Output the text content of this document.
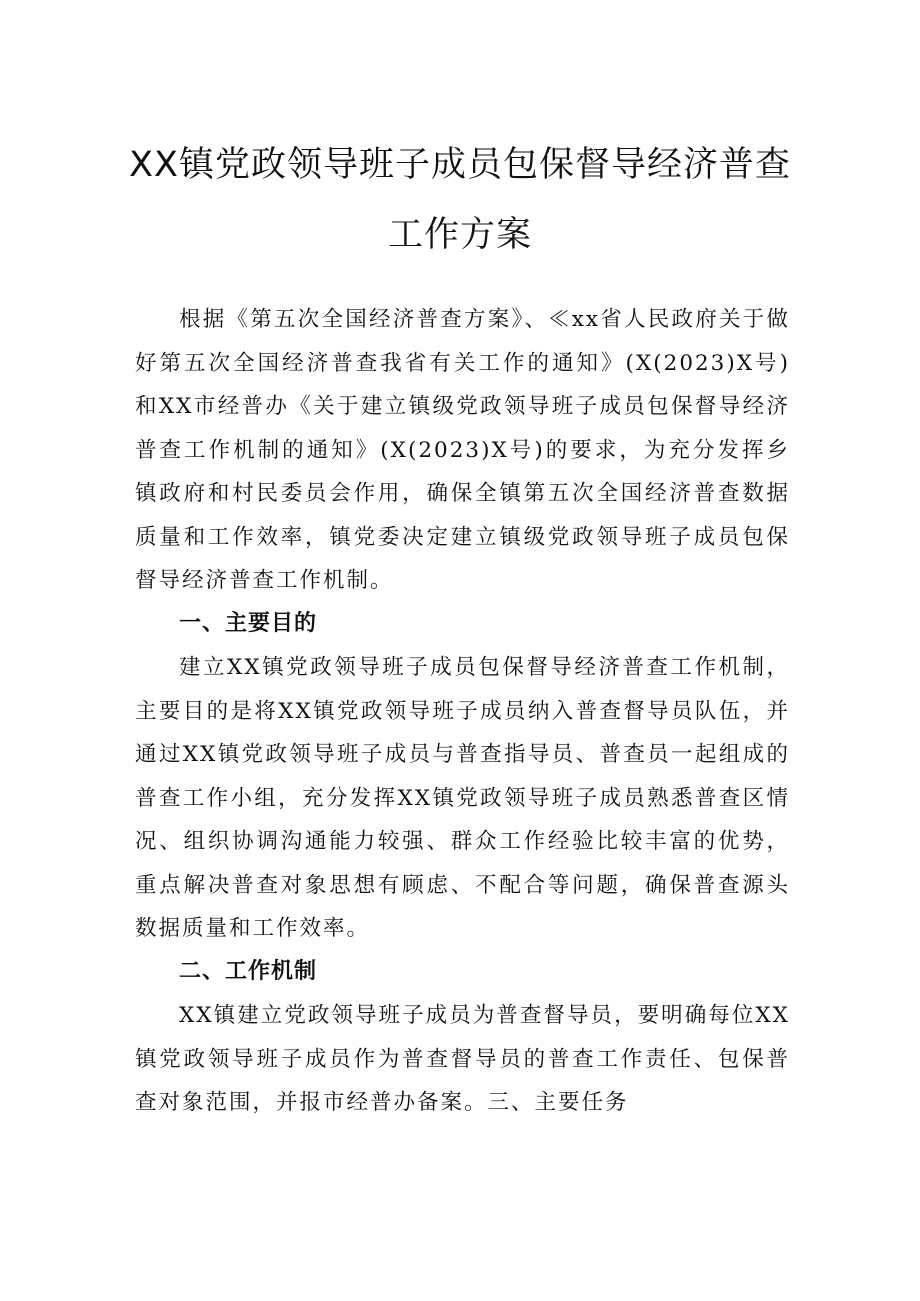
XX镇党政领导班子成员包保督导经济普查
工作方案

根据《第五次全国经济普查方案》、≪xx省人民政府关于做好第五次全国经济普查我省有关工作的通知》(X(2023)X号)和XX市经普办《关于建立镇级党政领导班子成员包保督导经济普查工作机制的通知》(X(2023)X号)的要求，为充分发挥乡镇政府和村民委员会作用，确保全镇第五次全国经济普查数据质量和工作效率，镇党委决定建立镇级党政领导班子成员包保督导经济普查工作机制。

一、主要目的

建立XX镇党政领导班子成员包保督导经济普查工作机制，主要目的是将XX镇党政领导班子成员纳入普查督导员队伍，并通过XX镇党政领导班子成员与普查指导员、普查员一起组成的普查工作小组，充分发挥XX镇党政领导班子成员熟悉普查区情况、组织协调沟通能力较强、群众工作经验比较丰富的优势，重点解决普查对象思想有顾虑、不配合等问题，确保普查源头数据质量和工作效率。

二、工作机制

XX镇建立党政领导班子成员为普查督导员，要明确每位XX镇党政领导班子成员作为普查督导员的普查工作责任、包保普查对象范围，并报市经普办备案。三、主要任务
